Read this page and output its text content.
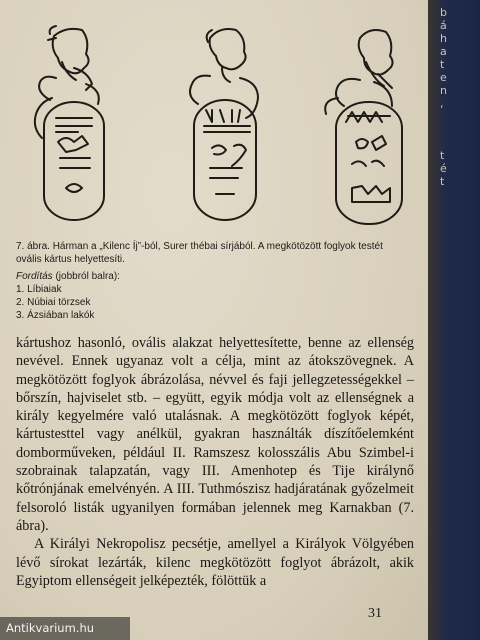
7. ábra. Hárman a „Kilenc Íj”-ból, Surer thébai sírjából. A megkötözött foglyok testét ovális kártus helyettesíti.
Fordítás (jobbról balra):
1. Líbiaiak
2. Núbiai törzsek
3. Ázsiában lakók

kártushoz hasonló, ovális alakzat helyettesítette, benne az ellenség nevével. Ennek ugyanaz volt a célja, mint az átokszövegnek. A megkötözött foglyok ábrázolása, névvel és faji jellegzetességekkel – bőrszín, hajviselet stb. – együtt, egyik módja volt az ellenségnek a király kegyelmére való utalásnak. A megkötözött foglyok képét, kártustesttel vagy anélkül, gyakran használták díszítőelemként domborműveken, például II. Ramszesz kolosszális Abu Szimbel-i szobrainak talapzatán, vagy III. Amenhotep és Tije királynő kőtrónjának emelvényén. A III. Tuthmószisz hadjáratának győzelmeit felsoroló listák ugyanilyen formában jelennek meg Karnakban (7. ábra).

A Királyi Nekropolisz pecsétje, amellyel a Királyok Völgyében lévő sírokat lezárták, kilenc megkötözött foglyot ábrázolt, akik Egyiptom ellenségeit jelképezték, fölöttük a

31
b
á
h
a
t
e
n
,

t
é
t
Antikvarium.hu
